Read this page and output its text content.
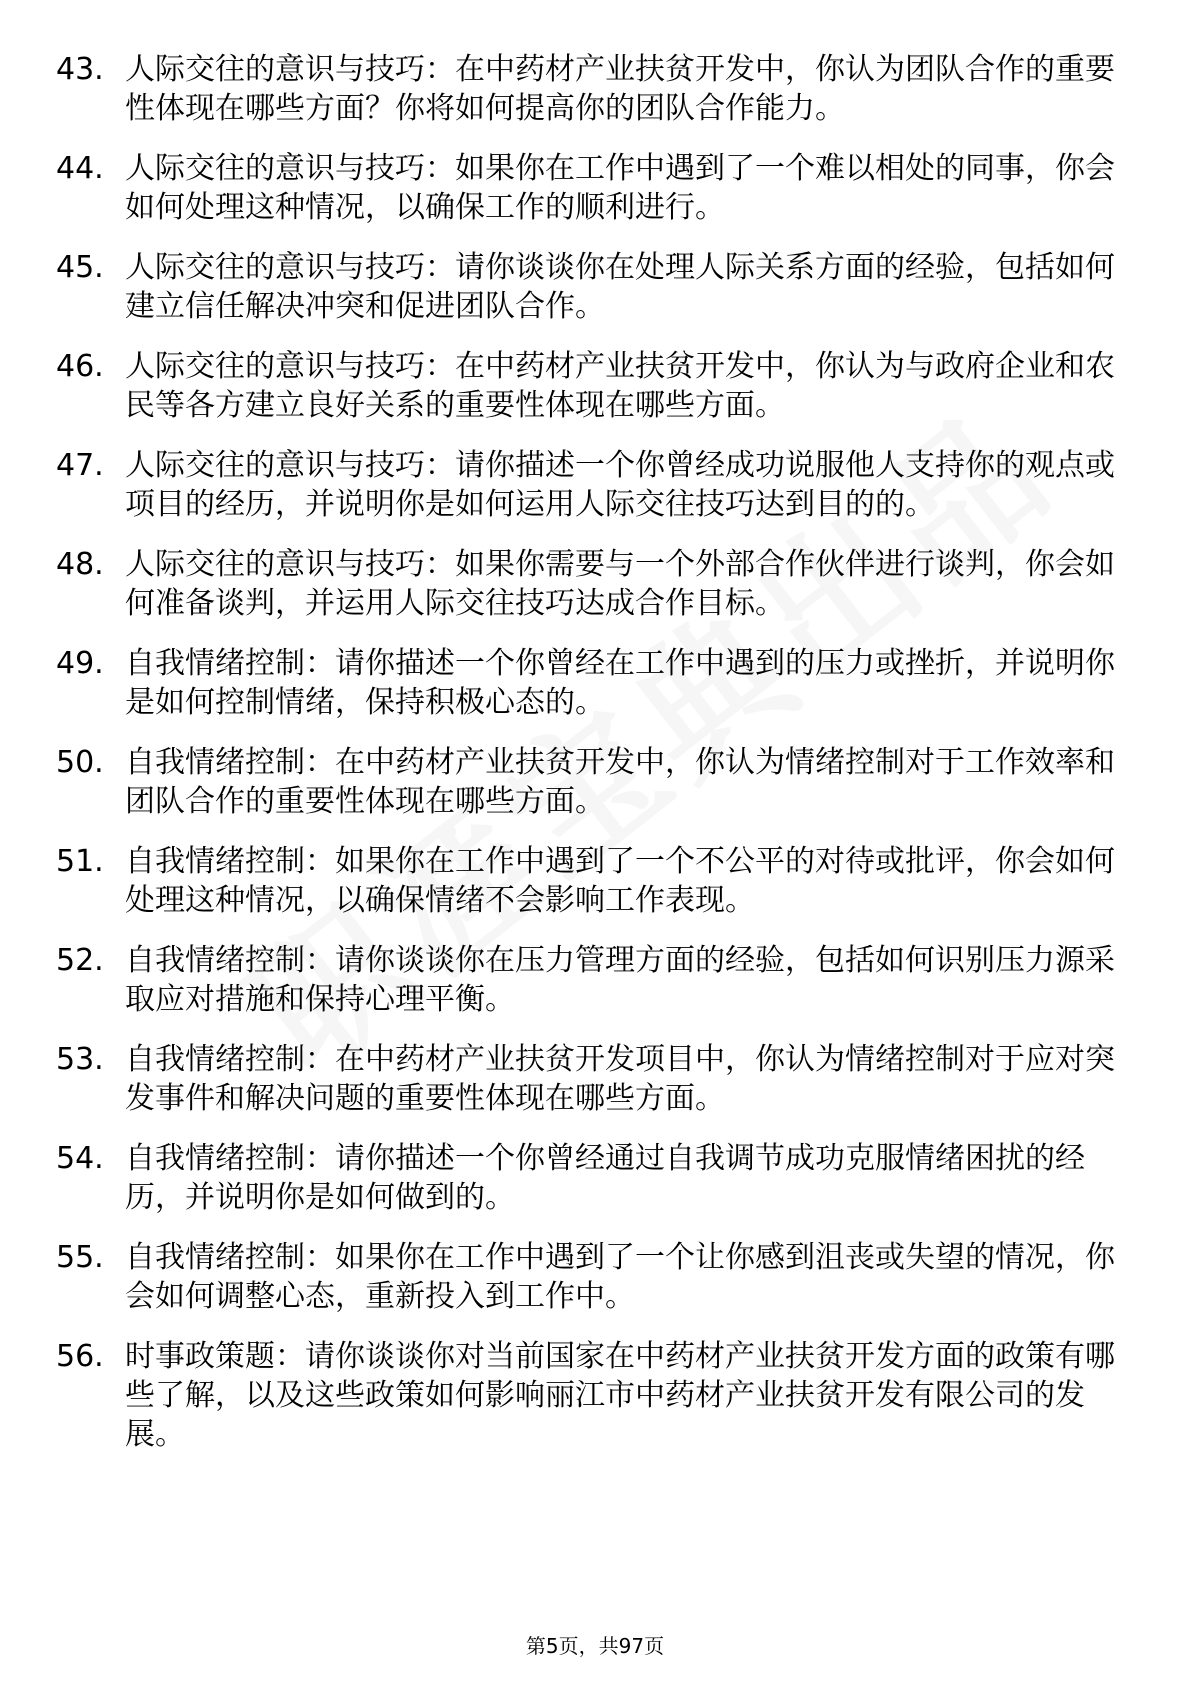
43. 人际交往的意识与技巧：在中药材产业扶贫开发中，你认为团队合作的重要性体现在哪些方面？你将如何提高你的团队合作能力。
44. 人际交往的意识与技巧：如果你在工作中遇到了一个难以相处的同事，你会如何处理这种情况，以确保工作的顺利进行。
45. 人际交往的意识与技巧：请你谈谈你在处理人际关系方面的经验，包括如何建立信任解决冲突和促进团队合作。
46. 人际交往的意识与技巧：在中药材产业扶贫开发中，你认为与政府企业和农民等各方建立良好关系的重要性体现在哪些方面。
47. 人际交往的意识与技巧：请你描述一个你曾经成功说服他人支持你的观点或项目的经历，并说明你是如何运用人际交往技巧达到目的的。
48. 人际交往的意识与技巧：如果你需要与一个外部合作伙伴进行谈判，你会如何准备谈判，并运用人际交往技巧达成合作目标。
49. 自我情绪控制：请你描述一个你曾经在工作中遇到的压力或挫折，并说明你是如何控制情绪，保持积极心态的。
50. 自我情绪控制：在中药材产业扶贫开发中，你认为情绪控制对于工作效率和团队合作的重要性体现在哪些方面。
51. 自我情绪控制：如果你在工作中遇到了一个不公平的对待或批评，你会如何处理这种情况，以确保情绪不会影响工作表现。
52. 自我情绪控制：请你谈谈你在压力管理方面的经验，包括如何识别压力源采取应对措施和保持心理平衡。
53. 自我情绪控制：在中药材产业扶贫开发项目中，你认为情绪控制对于应对突发事件和解决问题的重要性体现在哪些方面。
54. 自我情绪控制：请你描述一个你曾经通过自我调节成功克服情绪困扰的经历，并说明你是如何做到的。
55. 自我情绪控制：如果你在工作中遇到了一个让你感到沮丧或失望的情况，你会如何调整心态，重新投入到工作中。
56. 时事政策题：请你谈谈你对当前国家在中药材产业扶贫开发方面的政策有哪些了解，以及这些政策如何影响丽江市中药材产业扶贫开发有限公司的发展。
第5页，共97页
